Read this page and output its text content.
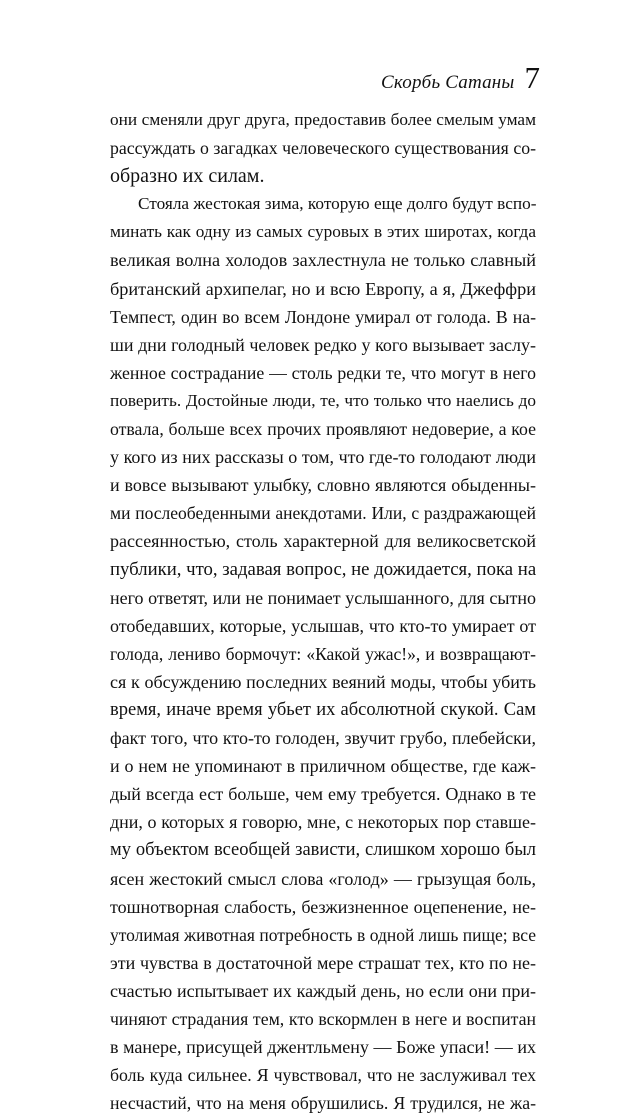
Скорбь Сатаны 7
они сменяли друг друга, предоставив более смелым умам
рассуждать о загадках человеческого существования со-
образно их силам.
Стояла жестокая зима, которую еще долго будут вспо-
минать как одну из самых суровых в этих широтах, когда
великая волна холодов захлестнула не только славный
британский архипелаг, но и всю Европу, а я, Джеффри
Темпест, один во всем Лондоне умирал от голода. В на-
ши дни голодный человек редко у кого вызывает заслу-
женное сострадание — столь редки те, что могут в него
поверить. Достойные люди, те, что только что наелись до
отвала, больше всех прочих проявляют недоверие, а кое
у кого из них рассказы о том, что где-то голодают люди
и вовсе вызывают улыбку, словно являются обыденны-
ми послеобеденными анекдотами. Или, с раздражающей
рассеянностью, столь характерной для великосветской
публики, что, задавая вопрос, не дожидается, пока на
него ответят, или не понимает услышанного, для сытно
отобедавших, которые, услышав, что кто-то умирает от
голода, лениво бормочут: «Какой ужас!», и возвращают-
ся к обсуждению последних веяний моды, чтобы убить
время, иначе время убьет их абсолютной скукой. Сам
факт того, что кто-то голоден, звучит грубо, плебейски,
и о нем не упоминают в приличном обществе, где каж-
дый всегда ест больше, чем ему требуется. Однако в те
дни, о которых я говорю, мне, с некоторых пор ставше-
му объектом всеобщей зависти, слишком хорошо был
ясен жестокий смысл слова «голод» — грызущая боль,
тошнотворная слабость, безжизненное оцепенение, не-
утолимая животная потребность в одной лишь пище; все
эти чувства в достаточной мере страшат тех, кто по не-
счастью испытывает их каждый день, но если они при-
чиняют страдания тем, кто вскормлен в неге и воспитан
в манере, присущей джентльмену — Боже упаси! — их
боль куда сильнее. Я чувствовал, что не заслуживал тех
несчастий, что на меня обрушились. Я трудился, не жа-
